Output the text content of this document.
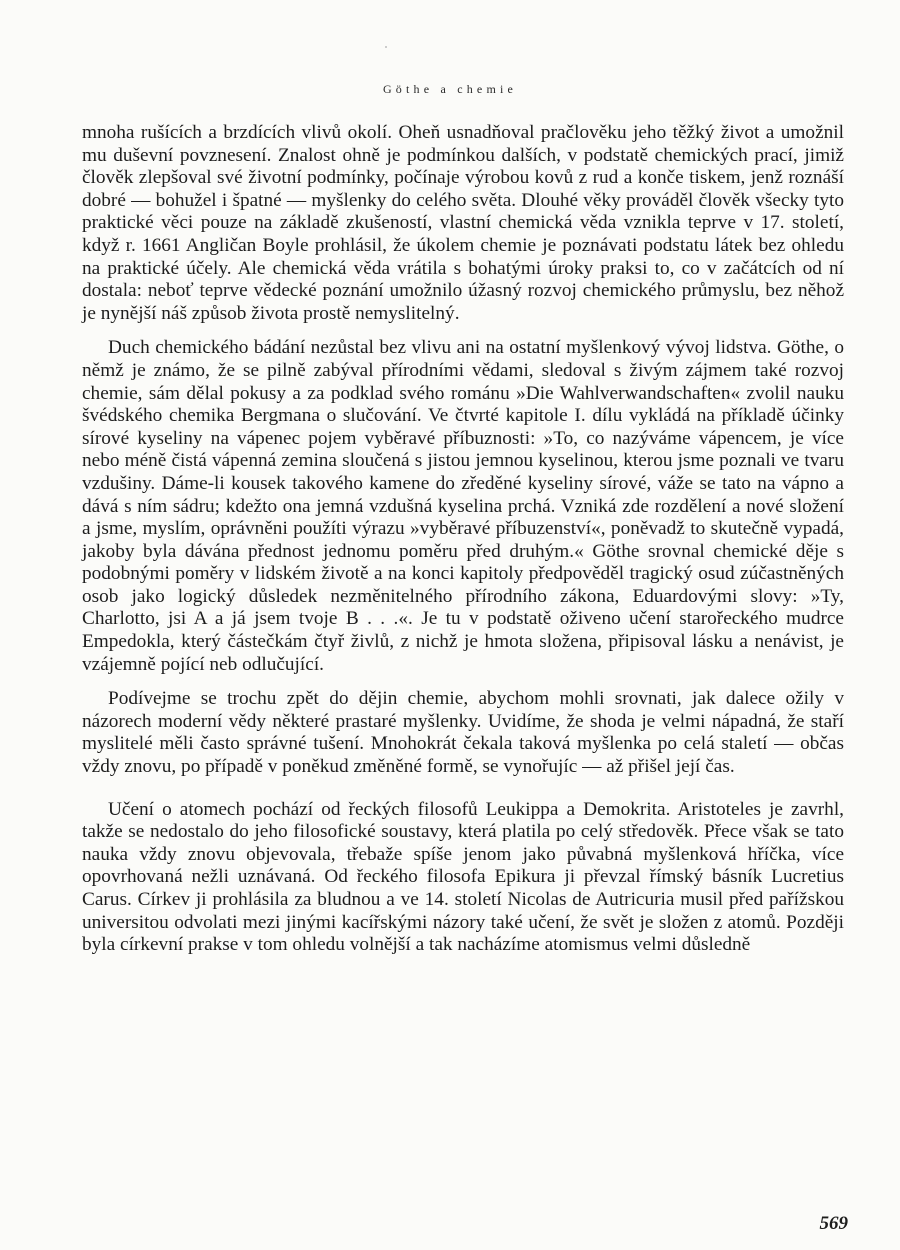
Göthe a chemie

mnoha rušících a brzdících vlivů okolí. Oheň usnadňoval pračlověku jeho těžký život a umožnil mu duševní povznesení. Znalost ohně je podmínkou dalších, v podstatě chemických prací, jimiž člověk zlepšoval své životní podmínky, počínaje výrobou kovů z rud a konče tiskem, jenž roznáší dobré — bohužel i špatné — myšlenky do celého světa. Dlouhé věky prováděl člověk všecky tyto praktické věci pouze na základě zkušeností, vlastní chemická věda vznikla teprve v 17. století, když r. 1661 Angličan Boyle prohlásil, že úkolem chemie je poznávati podstatu látek bez ohledu na praktické účely. Ale chemická věda vrátila s bohatými úroky praksi to, co v začátcích od ní dostala: neboť teprve vědecké poznání umožnilo úžasný rozvoj chemického průmyslu, bez něhož je nynější náš způsob života prostě nemyslitelný.

Duch chemického bádání nezůstal bez vlivu ani na ostatní myšlenkový vývoj lidstva. Göthe, o němž je známo, že se pilně zabýval přírodními vědami, sledoval s živým zájmem také rozvoj chemie, sám dělal pokusy a za podklad svého románu »Die Wahlverwandschaften« zvolil nauku švédského chemika Bergmana o slučování. Ve čtvrté kapitole I. dílu vykládá na příkladě účinky sírové kyseliny na vápenec pojem vyběravé příbuznosti: »To, co nazýváme vápencem, je více nebo méně čistá vápenná zemina sloučená s jistou jemnou kyselinou, kterou jsme poznali ve tvaru vzdušiny. Dáme-li kousek takového kamene do zředěné kyseliny sírové, váže se tato na vápno a dává s ním sádru; kdežto ona jemná vzdušná kyselina prchá. Vzniká zde rozdělení a nové složení a jsme, myslím, oprávněni použíti výrazu »vyběravé příbuzenství«, poněvadž to skutečně vypadá, jakoby byla dávána přednost jednomu poměru před druhým.« Göthe srovnal chemické děje s podobnými poměry v lidském životě a na konci kapitoly předpověděl tragický osud zúčastněných osob jako logický důsledek nezměnitelného přírodního zákona, Eduardovými slovy: »Ty, Charlotto, jsi A a já jsem tvoje B . . .«. Je tu v podstatě oživeno učení starořeckého mudrce Empedokla, který částečkám čtyř živlů, z nichž je hmota složena, připisoval lásku a nenávist, je vzájemně pojící neb odlučující.

Podívejme se trochu zpět do dějin chemie, abychom mohli srovnati, jak dalece ožily v názorech moderní vědy některé prastaré myšlenky. Uvidíme, že shoda je velmi nápadná, že staří myslitelé měli často správné tušení. Mnohokrát čekala taková myšlenka po celá staletí — občas vždy znovu, po případě v poněkud změněné formě, se vynořujíc — až přišel její čas.

Učení o atomech pochází od řeckých filosofů Leukippa a Demokrita. Aristoteles je zavrhl, takže se nedostalo do jeho filosofické soustavy, která platila po celý středověk. Přece však se tato nauka vždy znovu objevovala, třebaže spíše jenom jako půvabná myšlenková hříčka, více opovrhovaná nežli uznávaná. Od řeckého filosofa Epikura ji převzal římský básník Lucretius Carus. Církev ji prohlásila za bludnou a ve 14. století Nicolas de Autricuria musil před pařížskou universitou odvolati mezi jinými kacířskými názory také učení, že svět je složen z atomů. Později byla církevní prakse v tom ohledu volnější a tak nacházíme atomismus velmi důsledně

569
